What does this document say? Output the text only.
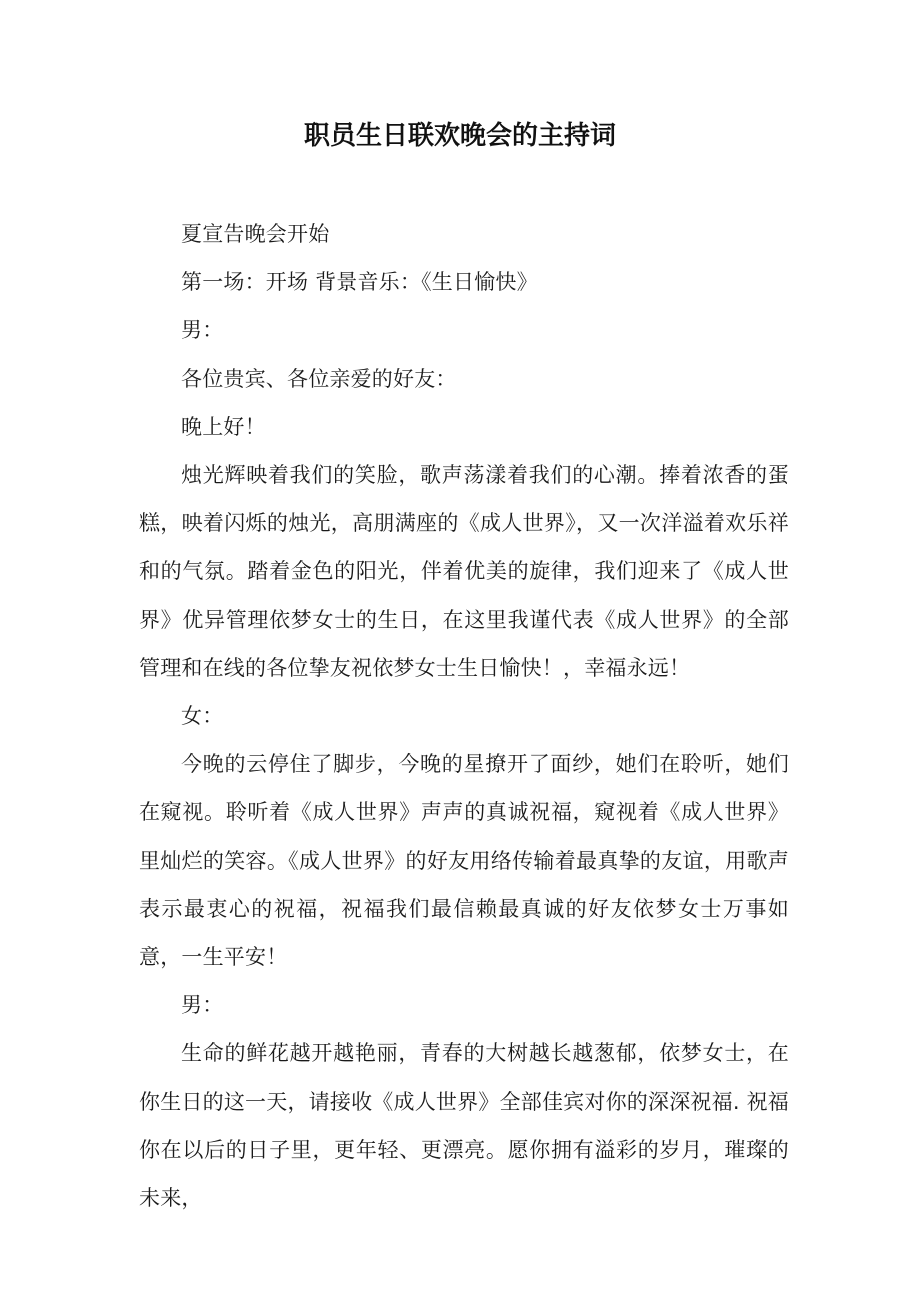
职员生日联欢晚会的主持词

夏宣告晚会开始

第一场：开场 背景音乐：《生日愉快》

男：

各位贵宾、各位亲爱的好友：

晚上好！

烛光辉映着我们的笑脸，歌声荡漾着我们的心潮。捧着浓香的蛋糕，映着闪烁的烛光，高朋满座的《成人世界》，又一次洋溢着欢乐祥和的气氛。踏着金色的阳光，伴着优美的旋律，我们迎来了《成人世界》优异管理依梦女士的生日，在这里我谨代表《成人世界》的全部管理和在线的各位挚友祝依梦女士生日愉快！，幸福永远！

女：

今晚的云停住了脚步，今晚的星撩开了面纱，她们在聆听，她们在窥视。聆听着《成人世界》声声的真诚祝福，窥视着《成人世界》里灿烂的笑容。《成人世界》的好友用络传输着最真挚的友谊，用歌声表示最衷心的祝福，祝福我们最信赖最真诚的好友依梦女士万事如意，一生平安！

男：

生命的鲜花越开越艳丽，青春的大树越长越葱郁，依梦女士，在你生日的这一天，请接收《成人世界》全部佳宾对你的深深祝福. 祝福你在以后的日子里，更年轻、更漂亮。愿你拥有溢彩的岁月，璀璨的未来，
